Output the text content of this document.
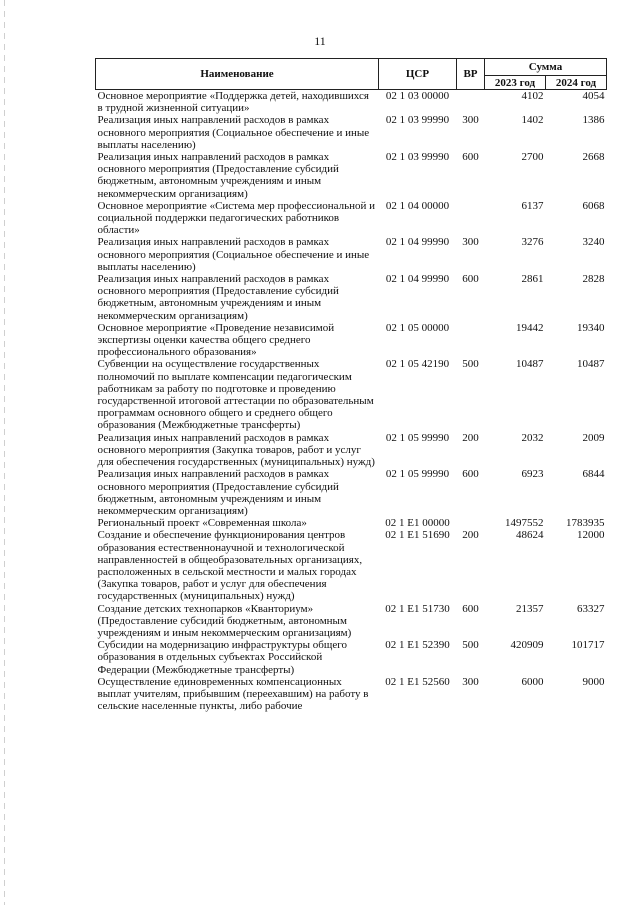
11
Наименование	ЦСР	ВР	Сумма	
			2023 год	2024 год
Основное мероприятие «Поддержка детей, находившихся в трудной жизненной ситуации»	02 1 03 00000		4102	4054
Реализация иных направлений расходов в рамках основного мероприятия (Социальное обеспечение и иные выплаты населению)	02 1 03 99990	300	1402	1386
Реализация иных направлений расходов в рамках основного мероприятия (Предоставление субсидий бюджетным, автономным учреждениям и иным некоммерческим организациям)	02 1 03 99990	600	2700	2668
Основное мероприятие «Система мер профессиональной и социальной поддержки педагогических работников области»	02 1 04 00000		6137	6068
Реализация иных направлений расходов в рамках основного мероприятия (Социальное обеспечение и иные выплаты населению)	02 1 04 99990	300	3276	3240
Реализация иных направлений расходов в рамках основного мероприятия (Предоставление субсидий бюджетным, автономным учреждениям и иным некоммерческим организациям)	02 1 04 99990	600	2861	2828
Основное мероприятие «Проведение независимой экспертизы оценки качества общего среднего профессионального образования»	02 1 05 00000		19442	19340
Субвенции на осуществление государственных полномочий по выплате компенсации педагогическим работникам за работу по подготовке и проведению государственной итоговой аттестации по образовательным программам основного общего и среднего общего образования (Межбюджетные трансферты)	02 1 05 42190	500	10487	10487
Реализация иных направлений расходов в рамках основного мероприятия (Закупка товаров, работ и услуг для обеспечения государственных (муниципальных) нужд)	02 1 05 99990	200	2032	2009
Реализация иных направлений расходов в рамках основного мероприятия (Предоставление субсидий бюджетным, автономным учреждениям и иным некоммерческим организациям)	02 1 05 99990	600	6923	6844
Региональный проект «Современная школа»	02 1 E1 00000		1497552	1783935
Создание и обеспечение функционирования центров образования естественнонаучной и технологической направленностей в общеобразовательных организациях, расположенных в сельской местности и малых городах (Закупка товаров, работ и услуг для обеспечения государственных (муниципальных) нужд)	02 1 E1 51690	200	48624	12000
Создание детских технопарков «Кванториум» (Предоставление субсидий бюджетным, автономным учреждениям и иным некоммерческим организациям)	02 1 E1 51730	600	21357	63327
Субсидии на модернизацию инфраструктуры общего образования в отдельных субъектах Российской Федерации (Межбюджетные трансферты)	02 1 E1 52390	500	420909	101717
Осуществление единовременных компенсационных выплат учителям, прибывшим (переехавшим) на работу в сельские населенные пункты, либо рабочие	02 1 E1 52560	300	6000	9000
